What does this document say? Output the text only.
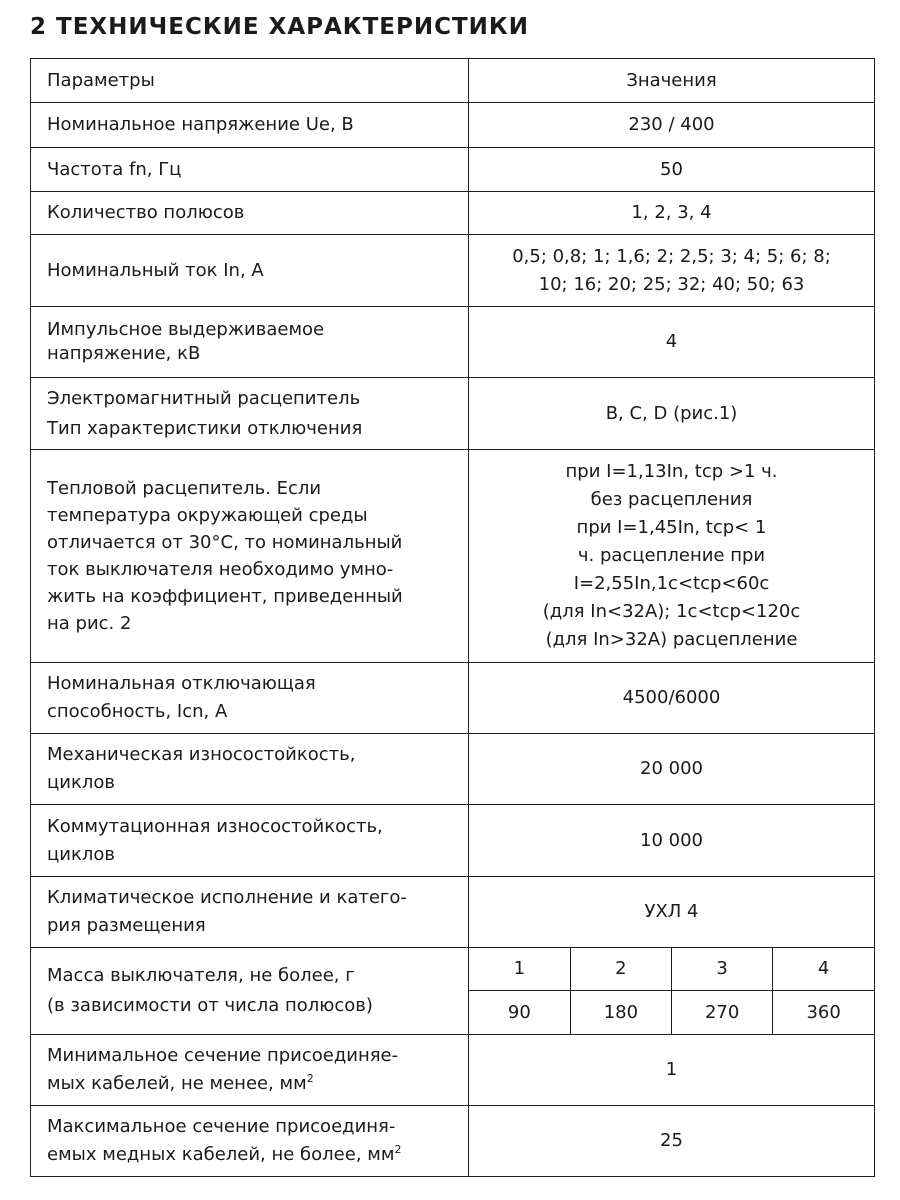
2 ТЕХНИЧЕСКИЕ ХАРАКТЕРИСТИКИ
Параметры	Значения
Номинальное напряжение Ue, В	230 / 400
Частота fn, Гц	50
Количество полюсов	1, 2, 3, 4
Номинальный ток In, А	0,5; 0,8; 1; 1,6; 2; 2,5; 3; 4; 5; 6; 8;
10; 16; 20; 25; 32; 40; 50; 63
Импульсное выдерживаемое
напряжение, кВ	4
Электромагнитный расцепитель
Тип характеристики отключения	B, C, D (рис.1)
Тепловой расцепитель. Если
температура окружающей среды
отличается от 30°C, то номинальный
ток выключателя необходимо умно-
жить на коэффициент, приведенный
на рис. 2	при I=1,13In, tср >1 ч.
без расцепления
при I=1,45In, tср< 1
ч. расцепление при
I=2,55In,1c<tср<60c
(для In<32A); 1c<tср<120c
(для In>32A) расцепление
Номинальная отключающая
способность, Icn, A	4500/6000
Механическая износостойкость,
циклов	20 000
Коммутационная износостойкость,
циклов	10 000
Климатическое исполнение и катего-
рия размещения	УХЛ 4
Масса выключателя, не более, г
(в зависимости от числа полюсов)	
1	2	3	4
90	180	270	360

Минимальное сечение присоединяе-
мых кабелей, не менее, $мм^2$	1
Максимальное сечение присоединя-
емых медных кабелей, не более, $мм^2$	25
